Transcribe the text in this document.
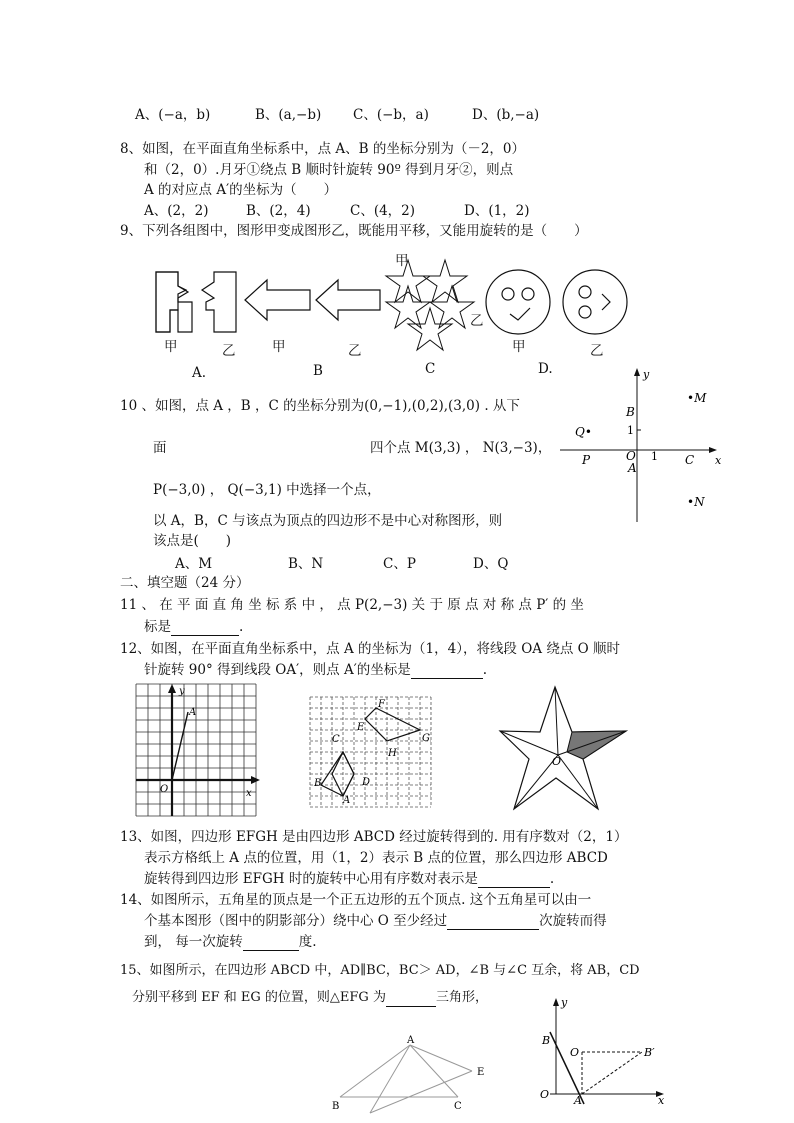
A、(−a，b)	B、(a,−b) C、(−b，a)	D、(b,−a)
8、如图，在平面直角坐标系中，点 A、B 的坐标分别为（－2，0）
和（2，0）.月牙①绕点 B 顺时针旋转 90º 得到月牙②，则点
A 的对应点 A′的坐标为（　　）
A、(2，2)	B、(2，4)	C、(4，2)	D、(1，2)
9、下列各组图中，图形甲变成图形乙，既能用平移，又能用旋转的是（　　）
甲
乙
甲	乙	甲	乙	甲	乙
A.	B	C	D.
10 、如图，点 A ，B ，C 的坐标分别为(0,−1),(0,2),(3,0) . 从下
面	四个点 M(3,3) ， N(3,−3)，
P(−3,0) ， Q(−3,1) 中选择一个点，
以 A，B，C 与该点为顶点的四边形不是中心对称图形，则
该点是(　　)
A、M	B、N	C、P	D、Q
y
x
•M
•N
B
Q•	1
P	O 1 C
A
二、填空题（24 分）
11 、 在 平 面 直 角 坐 标 系 中 ， 点 P(2,−3) 关 于 原 点 对 称 点 P′ 的 坐
标是	.
12、如图，在平面直角坐标系中，点 A 的坐标为（1，4），将线段 OA 绕点 O 顺时
针旋转 90° 得到线段 OA′，则点 A′的坐标是	.
y
A
O	x
F
E
G
H
C
B	D
A
O
13、如图，四边形 EFGH 是由四边形 ABCD 经过旋转得到的. 用有序数对（2，1）
表示方格纸上 A 点的位置，用（1，2）表示 B 点的位置，那么四边形 ABCD
旋转得到四边形 EFGH 时的旋转中心用有序数对表示是	.
14、如图所示，五角星的顶点是一个正五边形的五个顶点. 这个五角星可以由一
个基本图形（图中的阴影部分）绕中心 O 至少经过	次旋转而得
到， 每一次旋转	度.
15、如图所示，在四边形 ABCD 中，AD∥BC，BC＞ AD，∠B 与∠C 互余，将 AB，CD
分别平移到 EF 和 EG 的位置，则△EFG 为	三角形，
A
E
B	C
y
B
O	B′
O A	x
